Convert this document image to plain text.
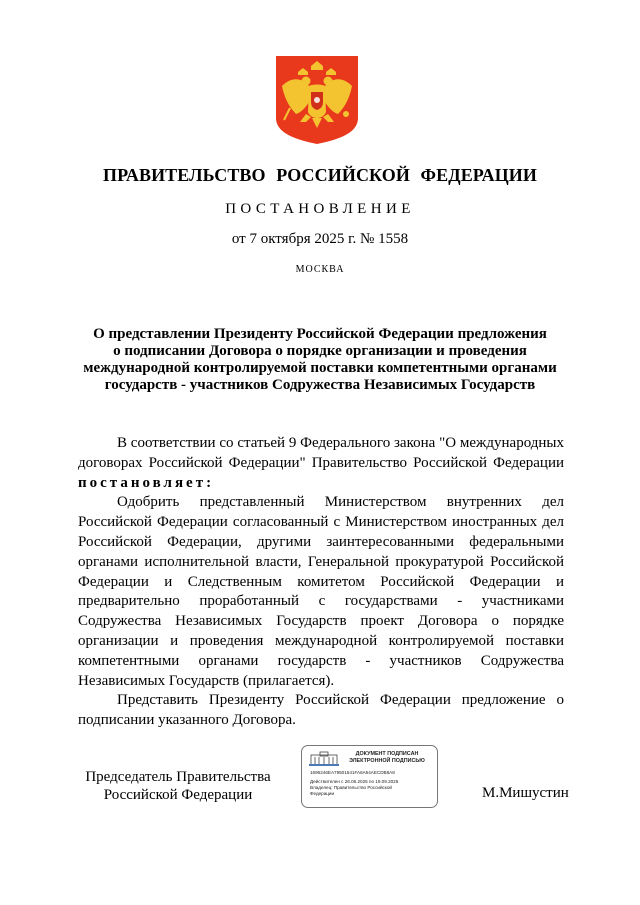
ПРАВИТЕЛЬСТВО РОССИЙСКОЙ ФЕДЕРАЦИИ
ПОСТАНОВЛЕНИЕ
от 7 октября 2025 г. № 1558
МОСКВА
О представлении Президенту Российской Федерации предложения
о подписании Договора о порядке организации и проведения
международной контролируемой поставки компетентными органами
государств - участников Содружества Независимых Государств

В соответствии со статьей 9 Федерального закона "О международных договорах Российской Федерации" Правительство Российской Федерации постановляет:

Одобрить представленный Министерством внутренних дел Российской Федерации согласованный с Министерством иностранных дел Российской Федерации, другими заинтересованными федеральными органами исполнительной власти, Генеральной прокуратурой Российской Федерации и Следственным комитетом Российской Федерации и предварительно проработанный с государствами - участниками Содружества Независимых Государств проект Договора о порядке организации и проведения международной контролируемой поставки компетентными органами государств - участников Содружества Независимых Государств (прилагается).

Представить Президенту Российской Федерации предложение о подписании указанного Договора.

Председатель Правительства
Российской Федерации
ДОКУМЕНТ ПОДПИСАН
ЭЛЕКТРОННОЙ ПОДПИСЬЮ
1696246EA7950154​1FA6A54AECDB8A8
Действителен с 26.06.2025 по 19.09.2026
Владелец: Правительство Российской
Федерации	М.Мишустин
